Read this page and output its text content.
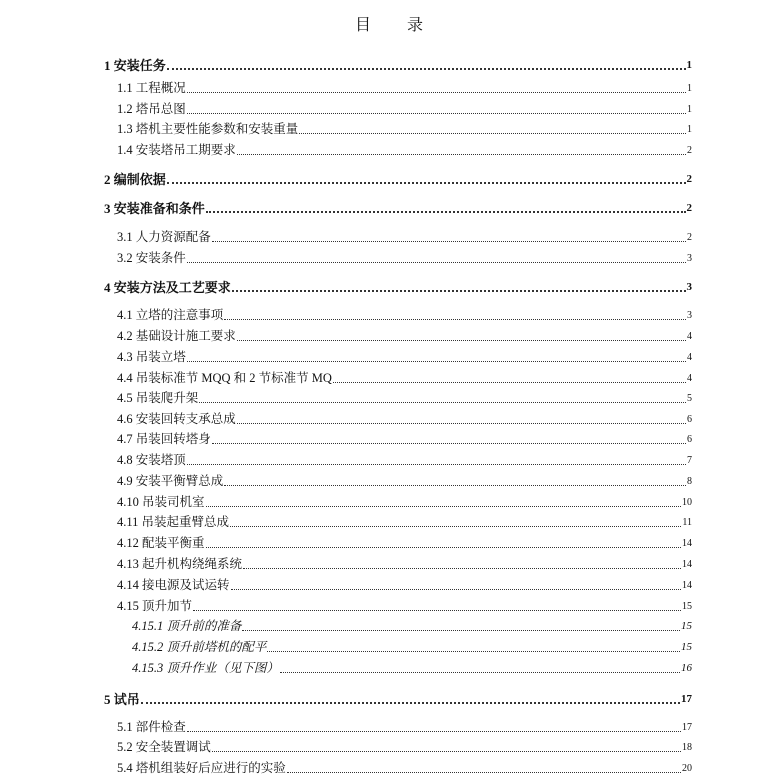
目 录
1 安装任务	1
1.1 工程概况	1
1.2 塔吊总图	1
1.3 塔机主要性能参数和安装重量	1
1.4 安装塔吊工期要求	2
2 编制依据	2
3 安装准备和条件	2
3.1 人力资源配备	2
3.2 安装条件	3
4 安装方法及工艺要求	3
4.1 立塔的注意事项	3
4.2 基础设计施工要求	4
4.3 吊装立塔	4
4.4 吊装标准节 MQQ 和 2 节标准节 MQ	4
4.5 吊装爬升架	5
4.6 安装回转支承总成	6
4.7 吊装回转塔身	6
4.8 安装塔顶	7
4.9 安装平衡臂总成	8
4.10 吊装司机室	10
4.11 吊装起重臂总成	11
4.12 配装平衡重	14
4.13 起升机构绕绳系统	14
4.14 接电源及试运转	14
4.15 顶升加节	15
4.15.1 顶升前的准备	15
4.15.2 顶升前塔机的配平	15
4.15.3 顶升作业（见下图）	16
5 试吊	17
5.1 部件检查	17
5.2 安全装置调试	18
5.4 塔机组装好后应进行的实验	20
